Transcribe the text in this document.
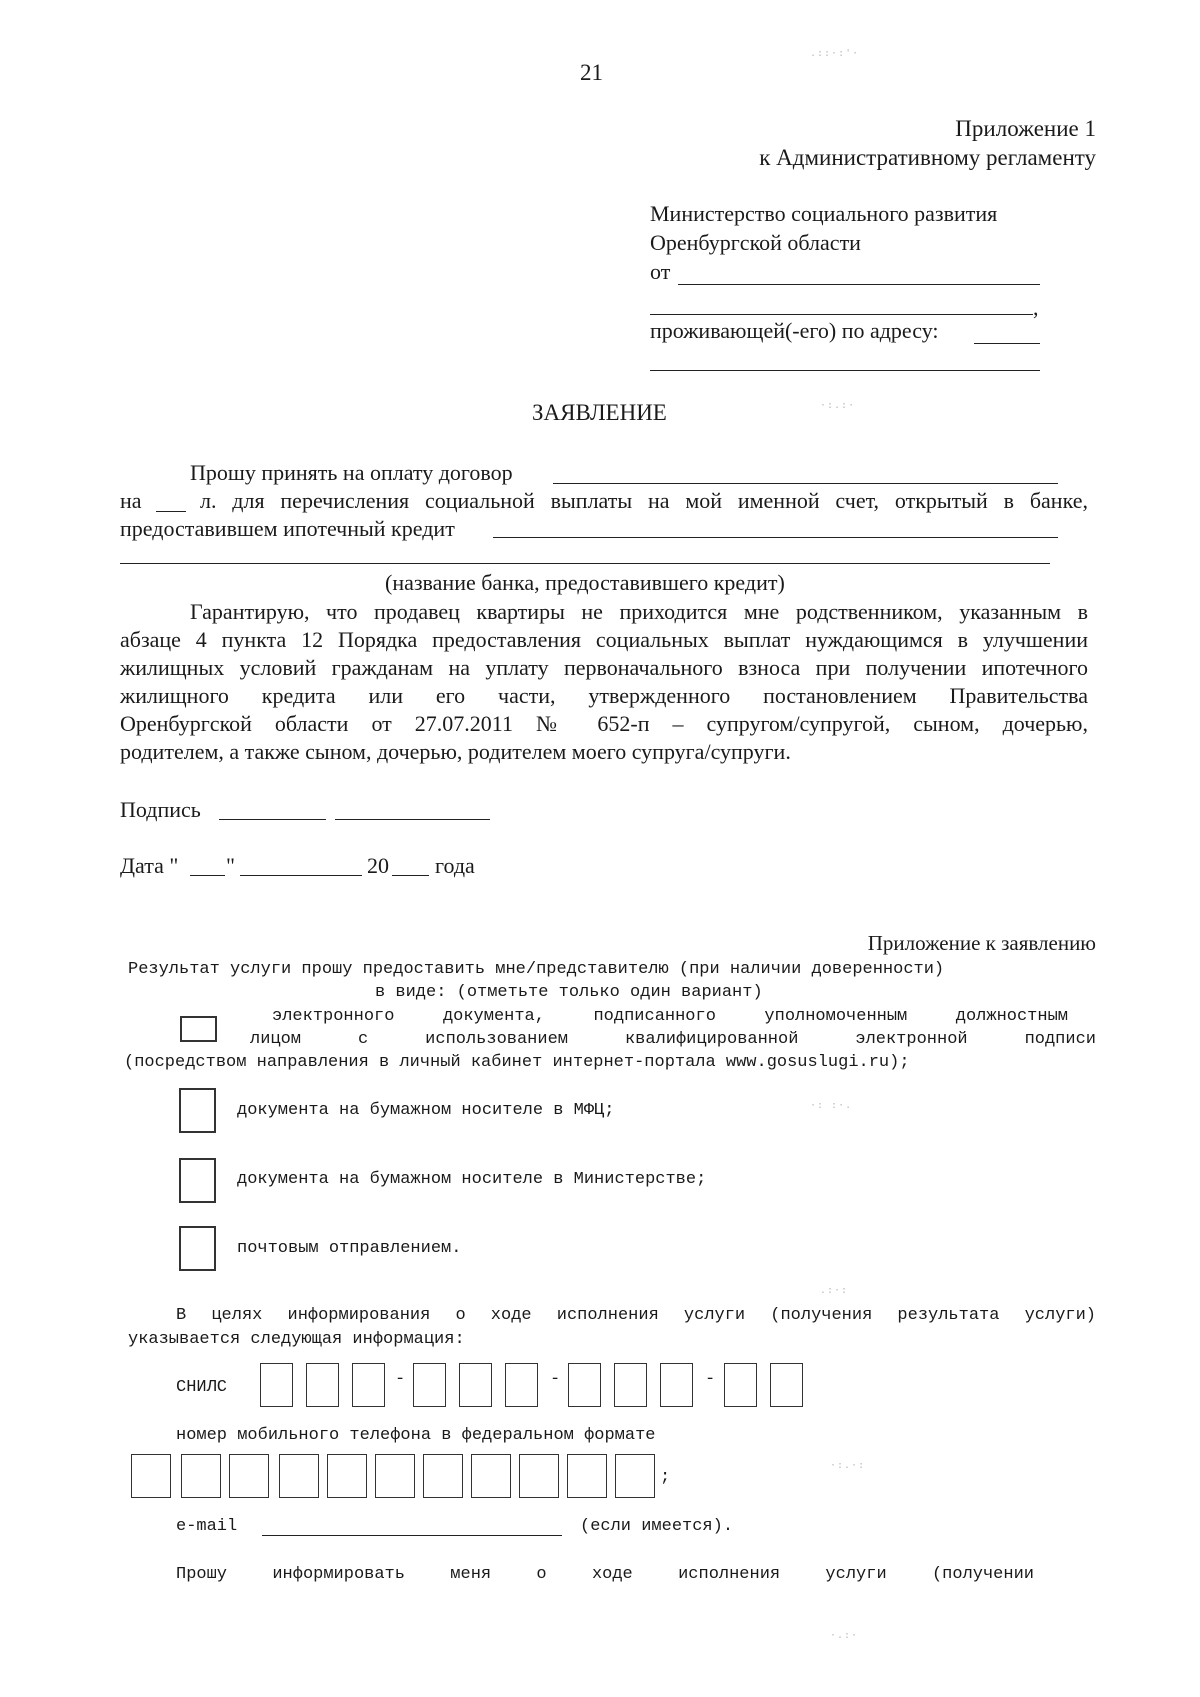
21
Приложение 1
к Административному регламенту
Министерство социального развития
Оренбургской области
от
,
проживающей(-его) по адресу:
ЗАЯВЛЕНИЕ
Прошу принять на оплату договор
на	л. для перечисления социальной выплаты на мой именной счет, открытый в банке,
предоставившем ипотечный кредит
(название банка, предоставившего кредит)
Гарантирую, что продавец квартиры не приходится мне родственником, указанным в
абзаце 4 пункта 12 Порядка предоставления социальных выплат нуждающимся в улучшении
жилищных условий гражданам на уплату первоначального взноса при получении ипотечного
жилищного кредита или его части, утвержденного постановлением Правительства
Оренбургской области от 27.07.2011 № 652-п – супругом/супругой, сыном, дочерью,
родителем, а также сыном, дочерью, родителем моего супруга/супруги.
Подпись
Дата " "	20 года
Приложение к заявлению
Результат услуги прошу предоставить мне/представителю (при наличии доверенности)
в виде: (отметьте только один вариант)
электронного документа, подписанного уполномоченным должностным
лицом с использованием квалифицированной электронной подписи
(посредством направления в личный кабинет интернет-портала www.gosuslugi.ru);
документа на бумажном носителе в МФЦ;
документа на бумажном носителе в Министерстве;
почтовым отправлением.
В целях информирования о ходе исполнения услуги (получения результата услуги)
указывается следующая информация:
СНИЛС	-	-	-
номер мобильного телефона в федеральном формате
;
e-mail	(если имеется).
Прошу информировать меня о ходе исполнения услуги (получении
.::·:'·
·:.:·
·: :·.
.:·:
·:.·:
·.:·
